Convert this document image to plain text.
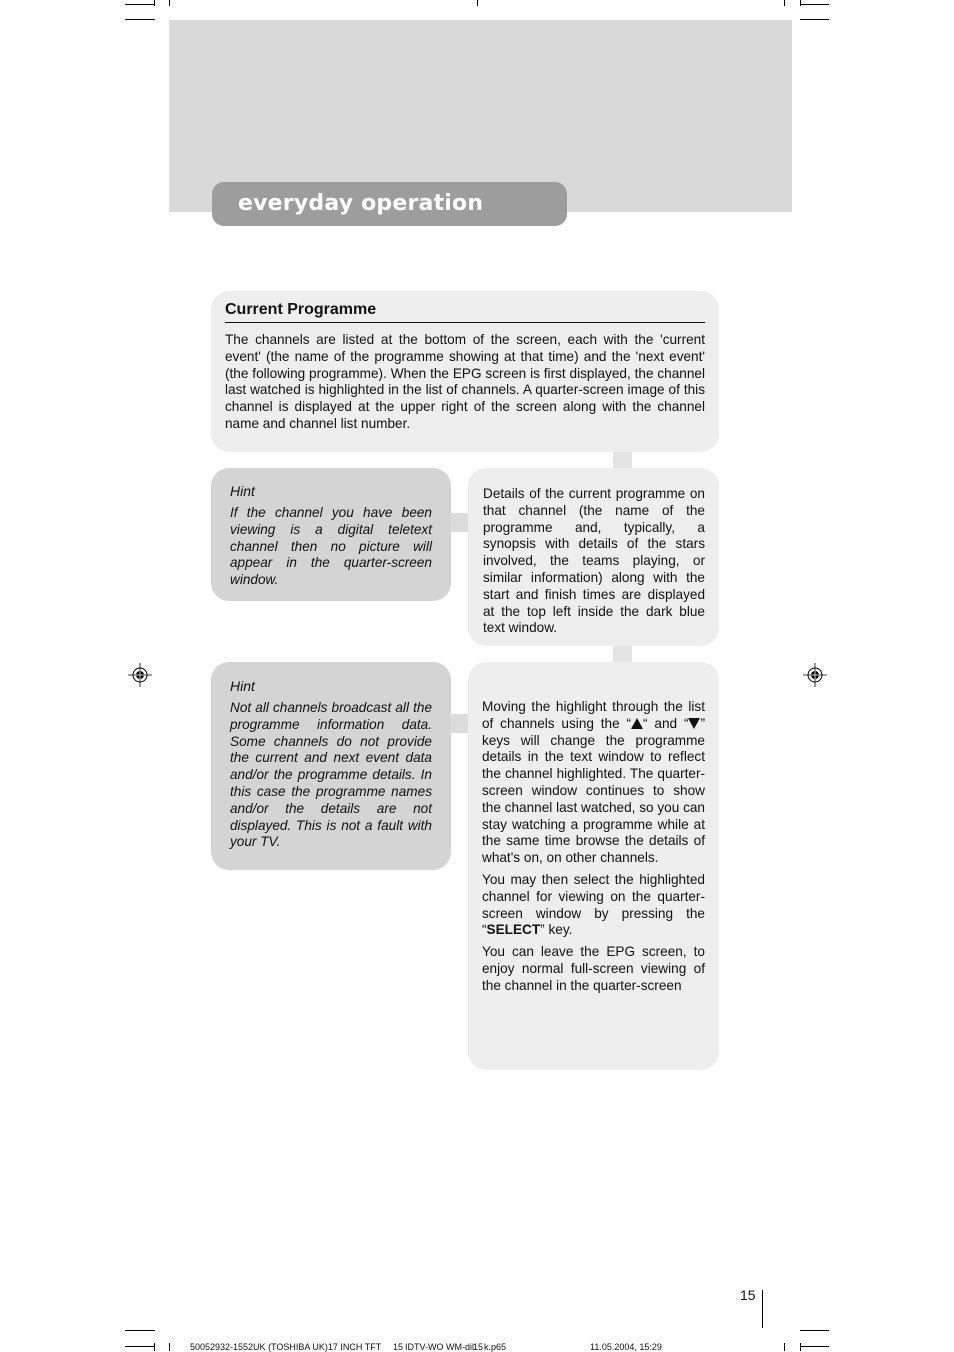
everyday operation
Current Programme

The channels are listed at the bottom of the screen, each with the 'current event' (the name of the programme showing at that time) and the 'next event' (the following programme). When the EPG screen is first displayed, the channel last watched is highlighted in the list of channels. A quarter-screen image of this channel is displayed at the upper right of the screen along with the channel name and channel list number.

Hint

If the channel you have been viewing is a digital teletext channel then no picture will appear in the quarter-screen window.

Details of the current programme on that channel (the name of the programme and, typically, a synopsis with details of the stars involved, the teams playing, or similar information) along with the start and finish times are displayed at the top left inside the dark blue text window.

Hint

Not all channels broadcast all the programme information data. Some channels do not provide the current and next event data and/or the programme details. In this case the programme names and/or the details are not displayed. This is not a fault with your TV.

Moving the highlight through the list of channels using the “ “ and “ ” keys will change the programme details in the text window to reflect the channel highlighted. The quarter-screen window continues to show the channel last watched, so you can stay watching a programme while at the same time browse the details of what's on, on other channels.

You may then select the highlighted channel for viewing on the quarter-screen window by pressing the “SELECT” key.

You can leave the EPG screen, to enjoy normal full-screen viewing of the channel in the quarter-screen

15
50052932-1552UK (TOSHIBA UK)17 INCH TFT 15 IDTV-WO WM-dil 15 k.p65	11.05.2004, 15:29
